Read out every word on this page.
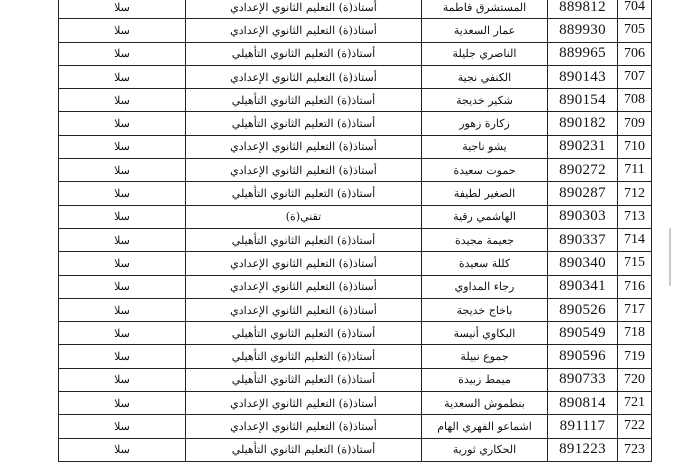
704	889812	المستشرق فاطمة	أستاذ(ة) التعليم الثانوي الإعدادي	سلا
705	889930	عمار السعدية	أستاذ(ة) التعليم الثانوي الإعدادي	سلا
706	889965	الناصري جليلة	أستاذ(ة) التعليم الثانوي التأهيلي	سلا
707	890143	الكنفي نجية	أستاذ(ة) التعليم الثانوي الإعدادي	سلا
708	890154	شكير خديجة	أستاذ(ة) التعليم الثانوي التأهيلي	سلا
709	890182	زكارة زهور	أستاذ(ة) التعليم الثانوي التأهيلي	سلا
710	890231	يشو ناجية	أستاذ(ة) التعليم الثانوي الإعدادي	سلا
711	890272	حموت سعيدة	أستاذ(ة) التعليم الثانوي الإعدادي	سلا
712	890287	الصغير لطيفة	أستاذ(ة) التعليم الثانوي التأهيلي	سلا
713	890303	الهاشمي رقية	تقني(ة)	سلا
714	890337	جعيمة مجيدة	أستاذ(ة) التعليم الثانوي التأهيلي	سلا
715	890340	كللة سعيدة	أستاذ(ة) التعليم الثانوي الإعدادي	سلا
716	890341	رجاء المداوي	أستاذ(ة) التعليم الثانوي الإعدادي	سلا
717	890526	باخاج خديجة	أستاذ(ة) التعليم الثانوي الإعدادي	سلا
718	890549	البكاوي أنيسة	أستاذ(ة) التعليم الثانوي التأهيلي	سلا
719	890596	جموع نبيلة	أستاذ(ة) التعليم الثانوي التأهيلي	سلا
720	890733	ميمط زبيدة	أستاذ(ة) التعليم الثانوي التأهيلي	سلا
721	890814	بنطموش السعدية	أستاذ(ة) التعليم الثانوي الإعدادي	سلا
722	891117	اشماعو الفهري الهام	أستاذ(ة) التعليم الثانوي الإعدادي	سلا
723	891223	الحكاري ثورية	أستاذ(ة) التعليم الثانوي التأهيلي	سلا
